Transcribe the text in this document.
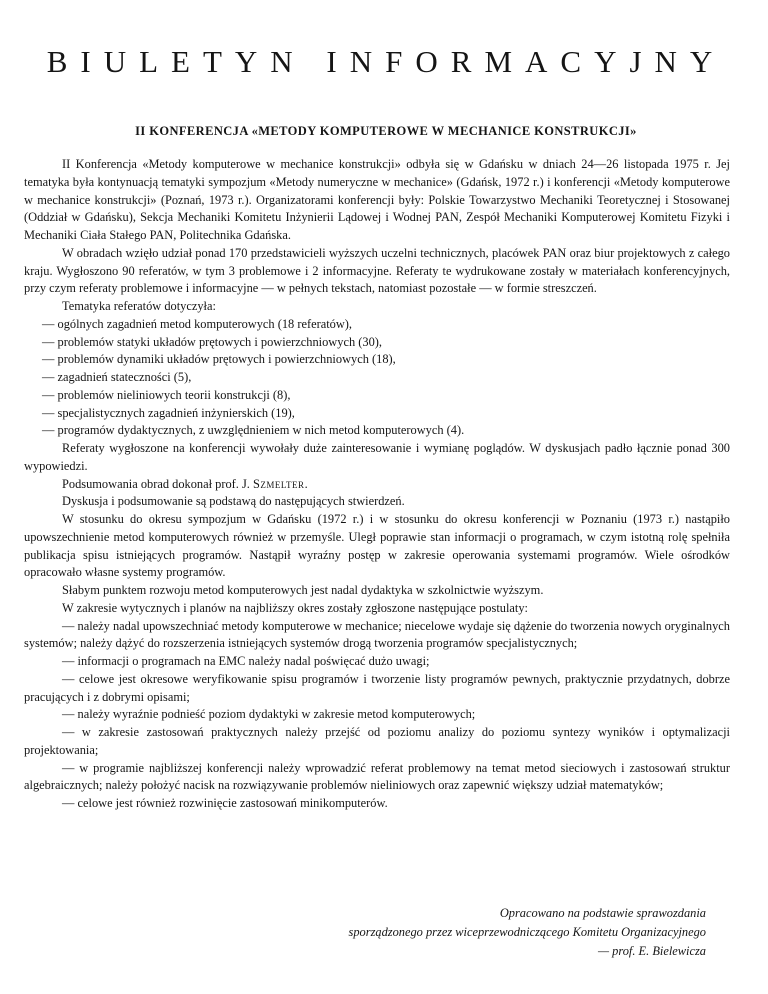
BIULETYN INFORMACYJNY
II KONFERENCJA «METODY KOMPUTEROWE W MECHANICE KONSTRUKCJI»

II Konferencja «Metody komputerowe w mechanice konstrukcji» odbyła się w Gdańsku w dniach 24—26 listopada 1975 r. Jej tematyka była kontynuacją tematyki sympozjum «Metody numeryczne w mechanice» (Gdańsk, 1972 r.) i konferencji «Metody komputerowe w mechanice konstrukcji» (Poznań, 1973 r.). Organizatorami konferencji były: Polskie Towarzystwo Mechaniki Teoretycznej i Stosowanej (Oddział w Gdańsku), Sekcja Mechaniki Komitetu Inżynierii Lądowej i Wodnej PAN, Zespół Mechaniki Komputerowej Komitetu Fizyki i Mechaniki Ciała Stałego PAN, Politechnika Gdańska.

W obradach wzięło udział ponad 170 przedstawicieli wyższych uczelni technicznych, placówek PAN oraz biur projektowych z całego kraju. Wygłoszono 90 referatów, w tym 3 problemowe i 2 informacyjne. Referaty te wydrukowane zostały w materiałach konferencyjnych, przy czym referaty problemowe i informacyjne — w pełnych tekstach, natomiast pozostałe — w formie streszczeń.

Tematyka referatów dotyczyła:

— ogólnych zagadnień metod komputerowych (18 referatów),
— problemów statyki układów prętowych i powierzchniowych (30),
— problemów dynamiki układów prętowych i powierzchniowych (18),
— zagadnień stateczności (5),
— problemów nieliniowych teorii konstrukcji (8),
— specjalistycznych zagadnień inżynierskich (19),
— programów dydaktycznych, z uwzględnieniem w nich metod komputerowych (4).

Referaty wygłoszone na konferencji wywołały duże zainteresowanie i wymianę poglądów. W dyskusjach padło łącznie ponad 300 wypowiedzi.

Podsumowania obrad dokonał prof. J. Szmelter.

Dyskusja i podsumowanie są podstawą do następujących stwierdzeń.

W stosunku do okresu sympozjum w Gdańsku (1972 r.) i w stosunku do okresu konferencji w Poznaniu (1973 r.) nastąpiło upowszechnienie metod komputerowych również w przemyśle. Uległ poprawie stan informacji o programach, w czym istotną rolę spełniła publikacja spisu istniejących programów. Nastąpił wyraźny postęp w zakresie operowania systemami programów. Wiele ośrodków opracowało własne systemy programów.

Słabym punktem rozwoju metod komputerowych jest nadal dydaktyka w szkolnictwie wyższym.

W zakresie wytycznych i planów na najbliższy okres zostały zgłoszone następujące postulaty:

— należy nadal upowszechniać metody komputerowe w mechanice; niecelowe wydaje się dążenie do tworzenia nowych oryginalnych systemów; należy dążyć do rozszerzenia istniejących systemów drogą tworzenia programów specjalistycznych;

— informacji o programach na EMC należy nadal poświęcać dużo uwagi;

— celowe jest okresowe weryfikowanie spisu programów i tworzenie listy programów pewnych, praktycznie przydatnych, dobrze pracujących i z dobrymi opisami;

— należy wyraźnie podnieść poziom dydaktyki w zakresie metod komputerowych;

— w zakresie zastosowań praktycznych należy przejść od poziomu analizy do poziomu syntezy wyników i optymalizacji projektowania;

— w programie najbliższej konferencji należy wprowadzić referat problemowy na temat metod sieciowych i zastosowań struktur algebraicznych; należy położyć nacisk na rozwiązywanie problemów nieliniowych oraz zapewnić większy udział matematyków;

— celowe jest również rozwinięcie zastosowań minikomputerów.

Opracowano na podstawie sprawozdania
sporządzonego przez wiceprzewodniczącego Komitetu Organizacyjnego
— prof. E. Bielewicza
